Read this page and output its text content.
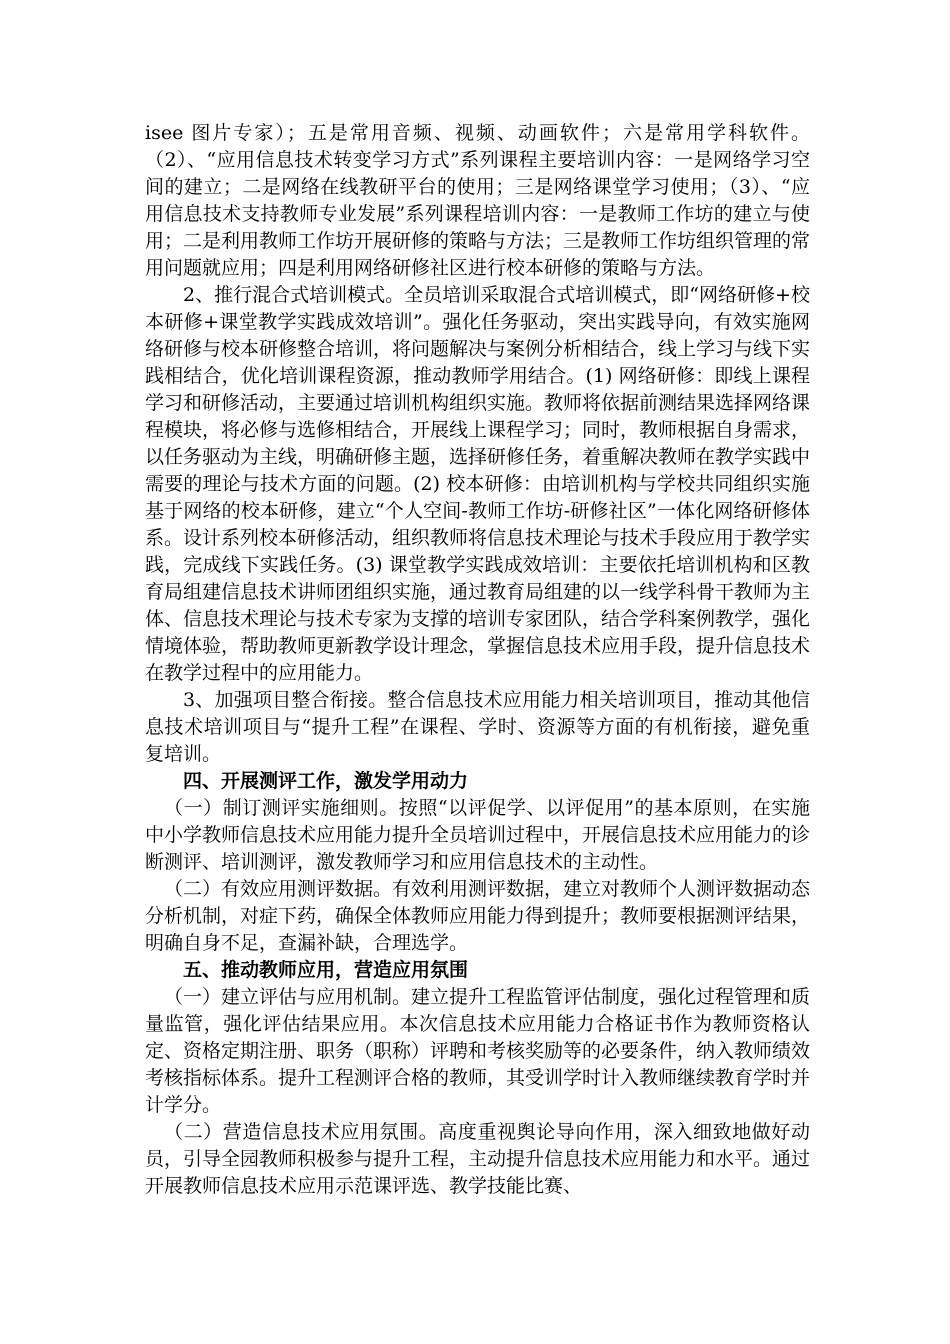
isee 图片专家）；五是常用音频、视频、动画软件；六是常用学科软件。（2）、“应用信息技术转变学习方式”系列课程主要培训内容：一是网络学习空间的建立；二是网络在线教研平台的使用；三是网络课堂学习使用；（3）、“应用信息技术支持教师专业发展”系列课程培训内容：一是教师工作坊的建立与使用；二是利用教师工作坊开展研修的策略与方法；三是教师工作坊组织管理的常用问题就应用；四是利用网络研修社区进行校本研修的策略与方法。

2、推行混合式培训模式。全员培训采取混合式培训模式，即“网络研修+校本研修+课堂教学实践成效培训”。强化任务驱动，突出实践导向，有效实施网络研修与校本研修整合培训，将问题解决与案例分析相结合，线上学习与线下实践相结合，优化培训课程资源，推动教师学用结合。(1) 网络研修：即线上课程学习和研修活动，主要通过培训机构组织实施。教师将依据前测结果选择网络课程模块，将必修与选修相结合，开展线上课程学习；同时，教师根据自身需求，以任务驱动为主线，明确研修主题，选择研修任务，着重解决教师在教学实践中需要的理论与技术方面的问题。(2) 校本研修：由培训机构与学校共同组织实施基于网络的校本研修，建立“个人空间-教师工作坊-研修社区”一体化网络研修体系。设计系列校本研修活动，组织教师将信息技术理论与技术手段应用于教学实践，完成线下实践任务。(3) 课堂教学实践成效培训：主要依托培训机构和区教育局组建信息技术讲师团组织实施，通过教育局组建的以一线学科骨干教师为主体、信息技术理论与技术专家为支撑的培训专家团队，结合学科案例教学，强化情境体验，帮助教师更新教学设计理念，掌握信息技术应用手段，提升信息技术在教学过程中的应用能力。

3、加强项目整合衔接。整合信息技术应用能力相关培训项目，推动其他信息技术培训项目与“提升工程”在课程、学时、资源等方面的有机衔接，避免重复培训。

四、开展测评工作，激发学用动力

（一）制订测评实施细则。按照“以评促学、以评促用”的基本原则，在实施中小学教师信息技术应用能力提升全员培训过程中，开展信息技术应用能力的诊断测评、培训测评，激发教师学习和应用信息技术的主动性。

（二）有效应用测评数据。有效利用测评数据，建立对教师个人测评数据动态分析机制，对症下药，确保全体教师应用能力得到提升；教师要根据测评结果，明确自身不足，查漏补缺，合理选学。

五、推动教师应用，营造应用氛围

（一）建立评估与应用机制。建立提升工程监管评估制度，强化过程管理和质量监管，强化评估结果应用。本次信息技术应用能力合格证书作为教师资格认定、资格定期注册、职务（职称）评聘和考核奖励等的必要条件，纳入教师绩效考核指标体系。提升工程测评合格的教师，其受训学时计入教师继续教育学时并计学分。

（二）营造信息技术应用氛围。高度重视舆论导向作用，深入细致地做好动员，引导全园教师积极参与提升工程，主动提升信息技术应用能力和水平。通过开展教师信息技术应用示范课评选、教学技能比赛、
